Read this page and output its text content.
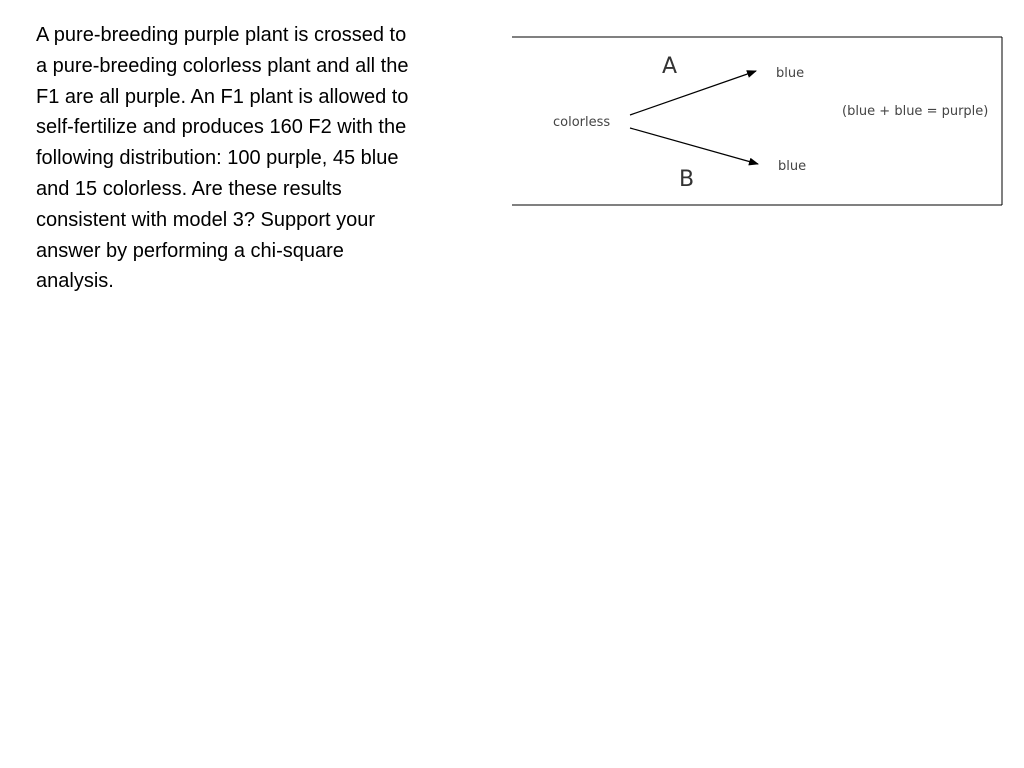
A pure-breeding purple plant is crossed to
a pure-breeding colorless plant and all the
F1 are all purple. An F1 plant is allowed to
self-fertilize and produces 160 F2 with the
following distribution: 100 purple, 45 blue
and 15 colorless. Are these results
consistent with model 3? Support your
answer by performing a chi-square
analysis.

colorless
A
B
blue
blue
(blue + blue = purple)
